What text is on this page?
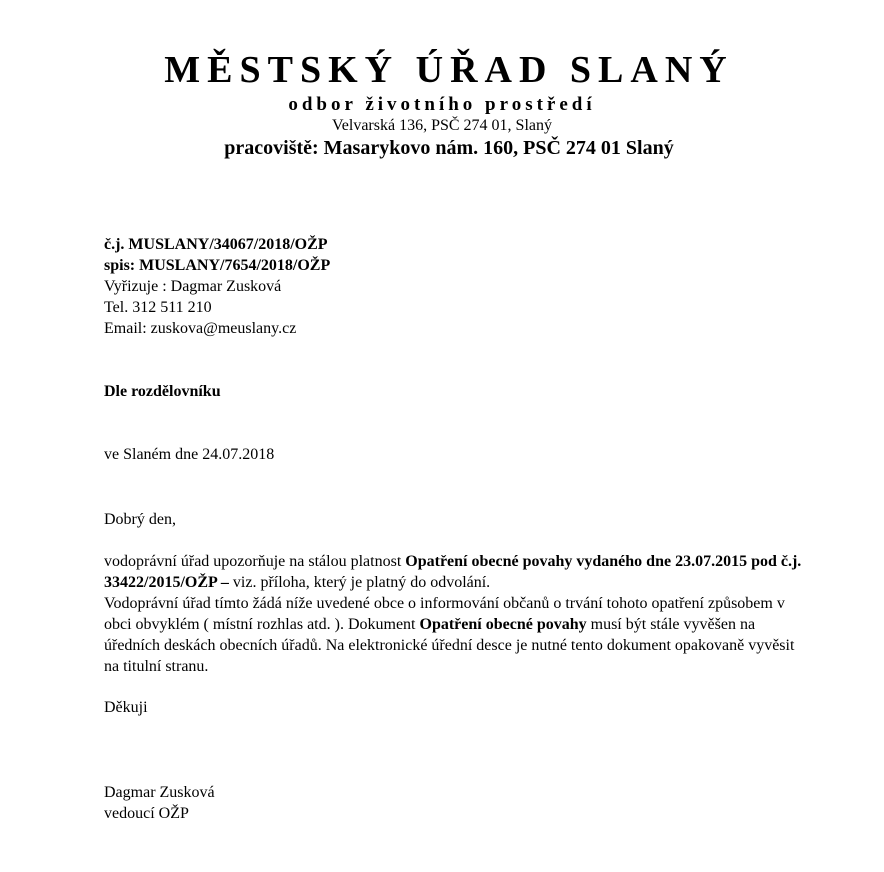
MĚSTSKÝ ÚŘAD SLANÝ
odbor životního prostředí
Velvarská 136, PSČ 274 01, Slaný
pracoviště: Masarykovo nám. 160, PSČ 274 01 Slaný
č.j. MUSLANY/34067/2018/OŽP
spis: MUSLANY/7654/2018/OŽP
Vyřizuje : Dagmar Zusková
Tel. 312 511 210
Email: zuskova@meuslany.cz
Dle rozdělovníku
ve Slaném dne 24.07.2018
Dobrý den,
vodoprávní úřad upozorňuje na stálou platnost Opatření obecné povahy vydaného dne 23.07.2015 pod č.j. 33422/2015/OŽP – viz. příloha, který je platný do odvolání.
Vodoprávní úřad tímto žádá níže uvedené obce o informování občanů o trvání tohoto opatření způsobem v obci obvyklém ( místní rozhlas atd. ). Dokument Opatření obecné povahy musí být stále vyvěšen na úředních deskách obecních úřadů. Na elektronické úřední desce je nutné tento dokument opakovaně vyvěsit na titulní stranu.
Děkuji
Dagmar Zusková
vedoucí OŽP
